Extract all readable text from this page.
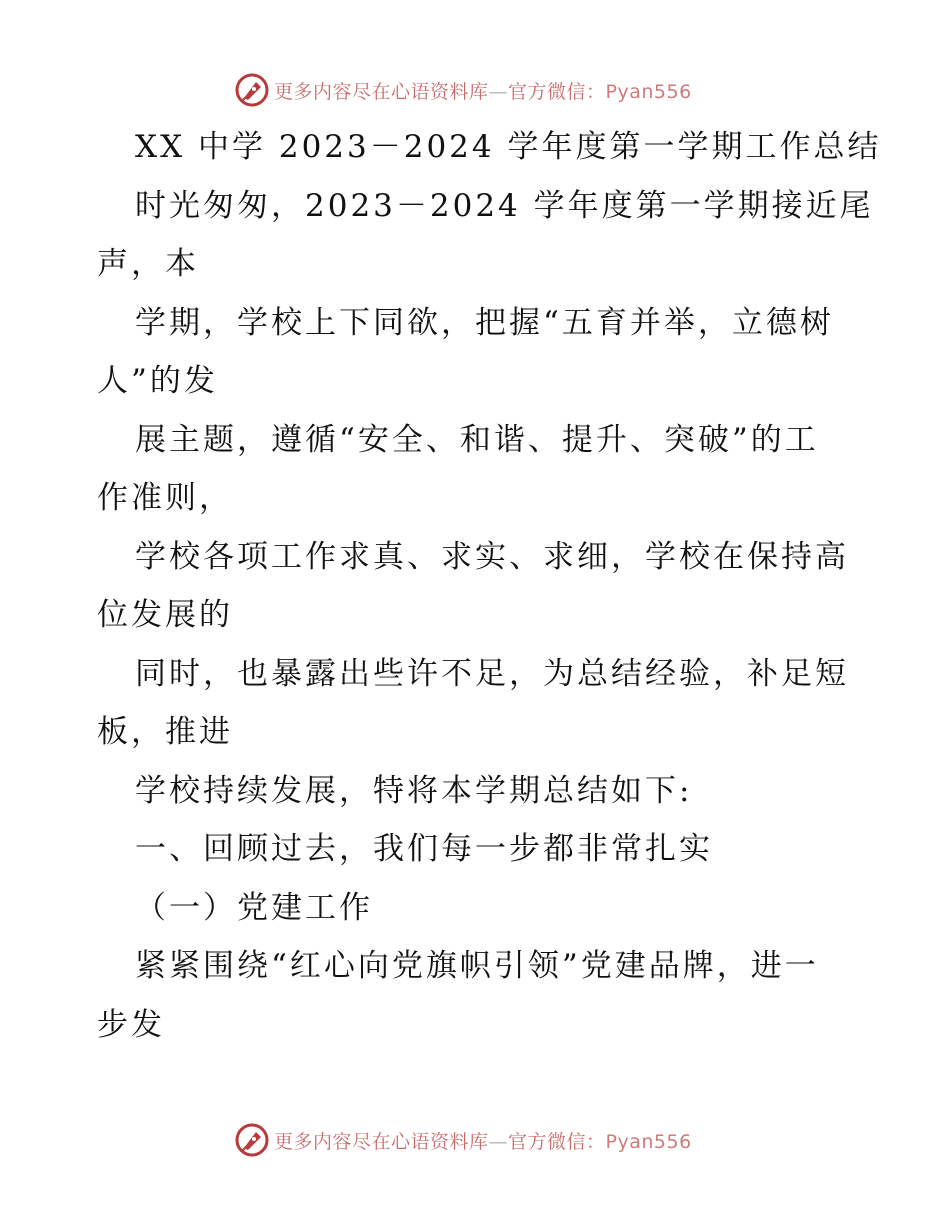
更多内容尽在心语资料库—官方微信：Pyan556
XX 中学 2023－2024 学年度第一学期工作总结
时光匆匆，2023－2024 学年度第一学期接近尾
声，本
学期，学校上下同欲，把握“五育并举，立德树
人”的发
展主题，遵循“安全、和谐、提升、突破”的工
作准则，
学校各项工作求真、求实、求细，学校在保持高
位发展的
同时，也暴露出些许不足，为总结经验，补足短
板，推进
学校持续发展，特将本学期总结如下:
一、回顾过去，我们每一步都非常扎实
（一）党建工作
紧紧围绕“红心向党旗帜引领”党建品牌，进一
步发
更多内容尽在心语资料库—官方微信：Pyan556
